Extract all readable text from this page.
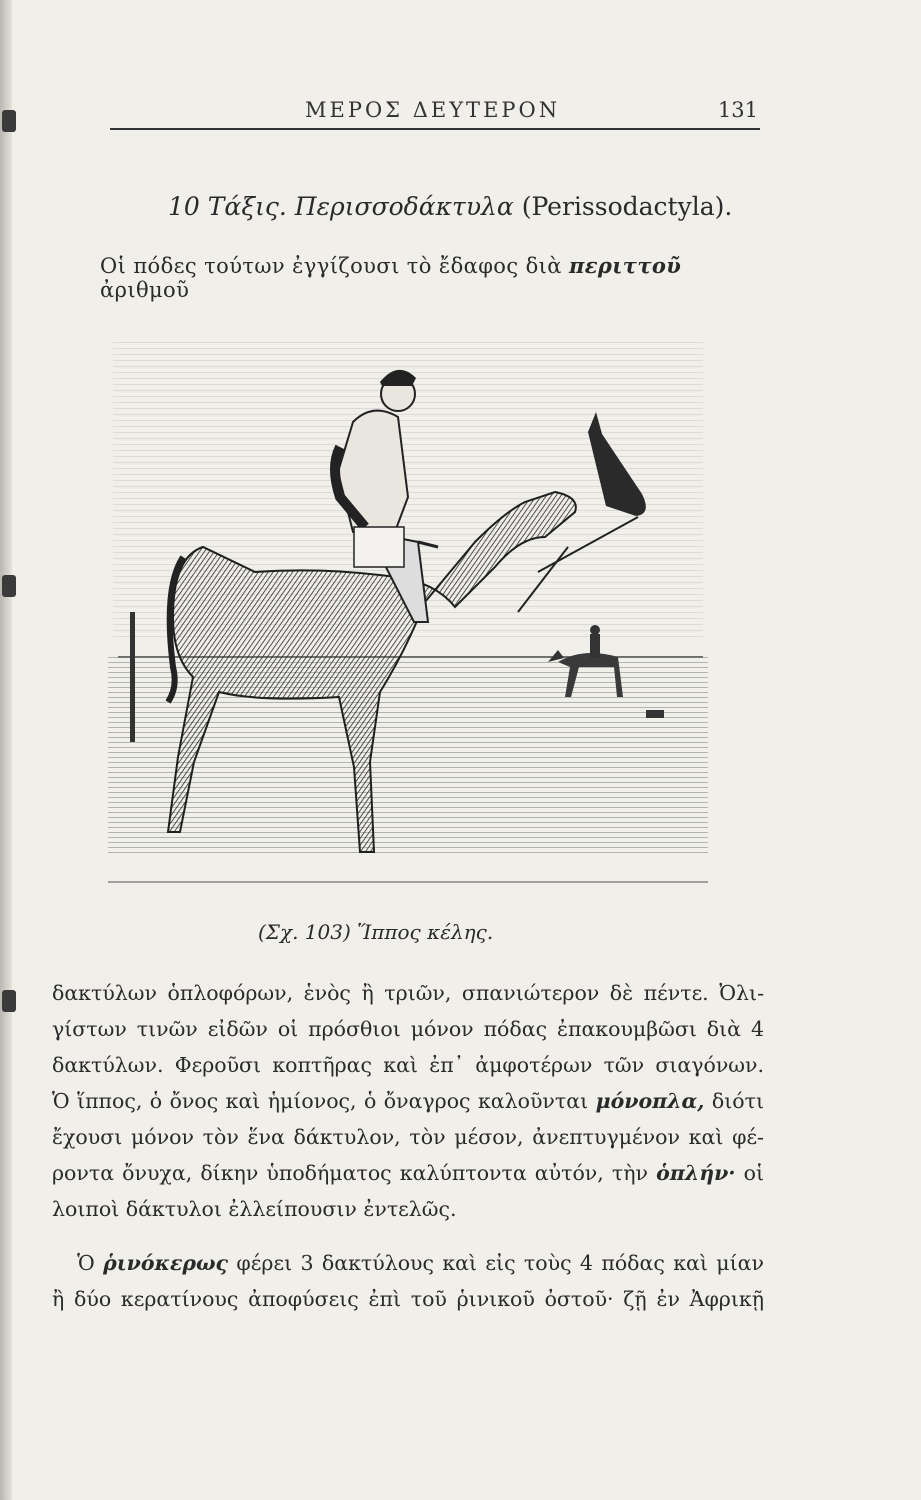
ΜΕΡΟΣ ΔΕΥΤΕΡΟΝ	131
10 Τάξις. Περισσοδάκτυλα (Perissodactyla).
Οἱ πόδες τούτων ἐγγίζουσι τὸ ἔδαφος διὰ περιττοῦ ἀριθμοῦ
(Σχ. 103) Ἵππος κέλης.

δακτύλων ὁπλοφόρων, ἑνὸς ἢ τριῶν, σπανιώτερον δὲ πέντε. Ὀλι-
γίστων τινῶν εἰδῶν οἱ πρόσθιοι μόνον πόδας ἐπακουμβῶσι διὰ 4
δακτύλων. Φεροῦσι κοπτῆρας καὶ ἐπ᾽ ἀμφοτέρων τῶν σιαγόνων.
Ὁ ἵππος, ὁ ὄνος καὶ ἡμίονος, ὁ ὄναγρος καλοῦνται μόνοπλα, διότι
ἔχουσι μόνον τὸν ἕνα δάκτυλον, τὸν μέσον, ἀνεπτυγμένον καὶ φέ-
ροντα ὄνυχα, δίκην ὑποδήματος καλύπτοντα αὐτόν, τὴν ὁπλήν· οἱ
λοιποὶ δάκτυλοι ἐλλείπουσιν ἐντελῶς.

Ὁ ῥινόκερως φέρει 3 δακτύλους καὶ εἰς τοὺς 4 πόδας καὶ μίαν
ἢ δύο κερατίνους ἀποφύσεις ἐπὶ τοῦ ῥινικοῦ ὀστοῦ· ζῇ ἐν Ἀφρικῇ
